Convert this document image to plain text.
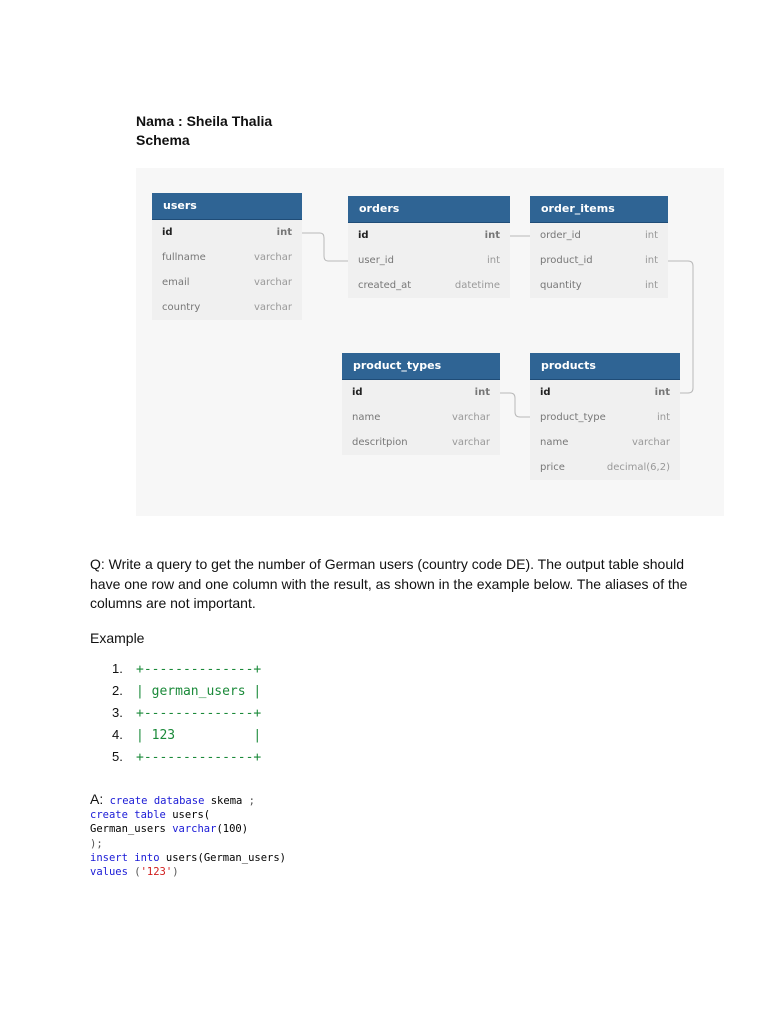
Nama : Sheila Thalia
Schema
users
id	int
fullname	varchar
email	varchar
country	varchar
orders
id	int
user_id	int
created_at	datetime
order_items
order_id	int
product_id	int
quantity	int
product_types
id	int
name	varchar
descritpion	varchar
products
id	int
product_type	int
name	varchar
price	decimal(6,2)
Q: Write a query to get the number of German users (country code DE). The output table should have one row and one column with the result, as shown in the example below. The aliases of the columns are not important.
Example
1. +--------------+
2. | german_users |
3. +--------------+
4. | 123          |
5. +--------------+
A: create database skema ;
create table users(
German_users varchar(100)
);
insert into users(German_users)
values ('123')
